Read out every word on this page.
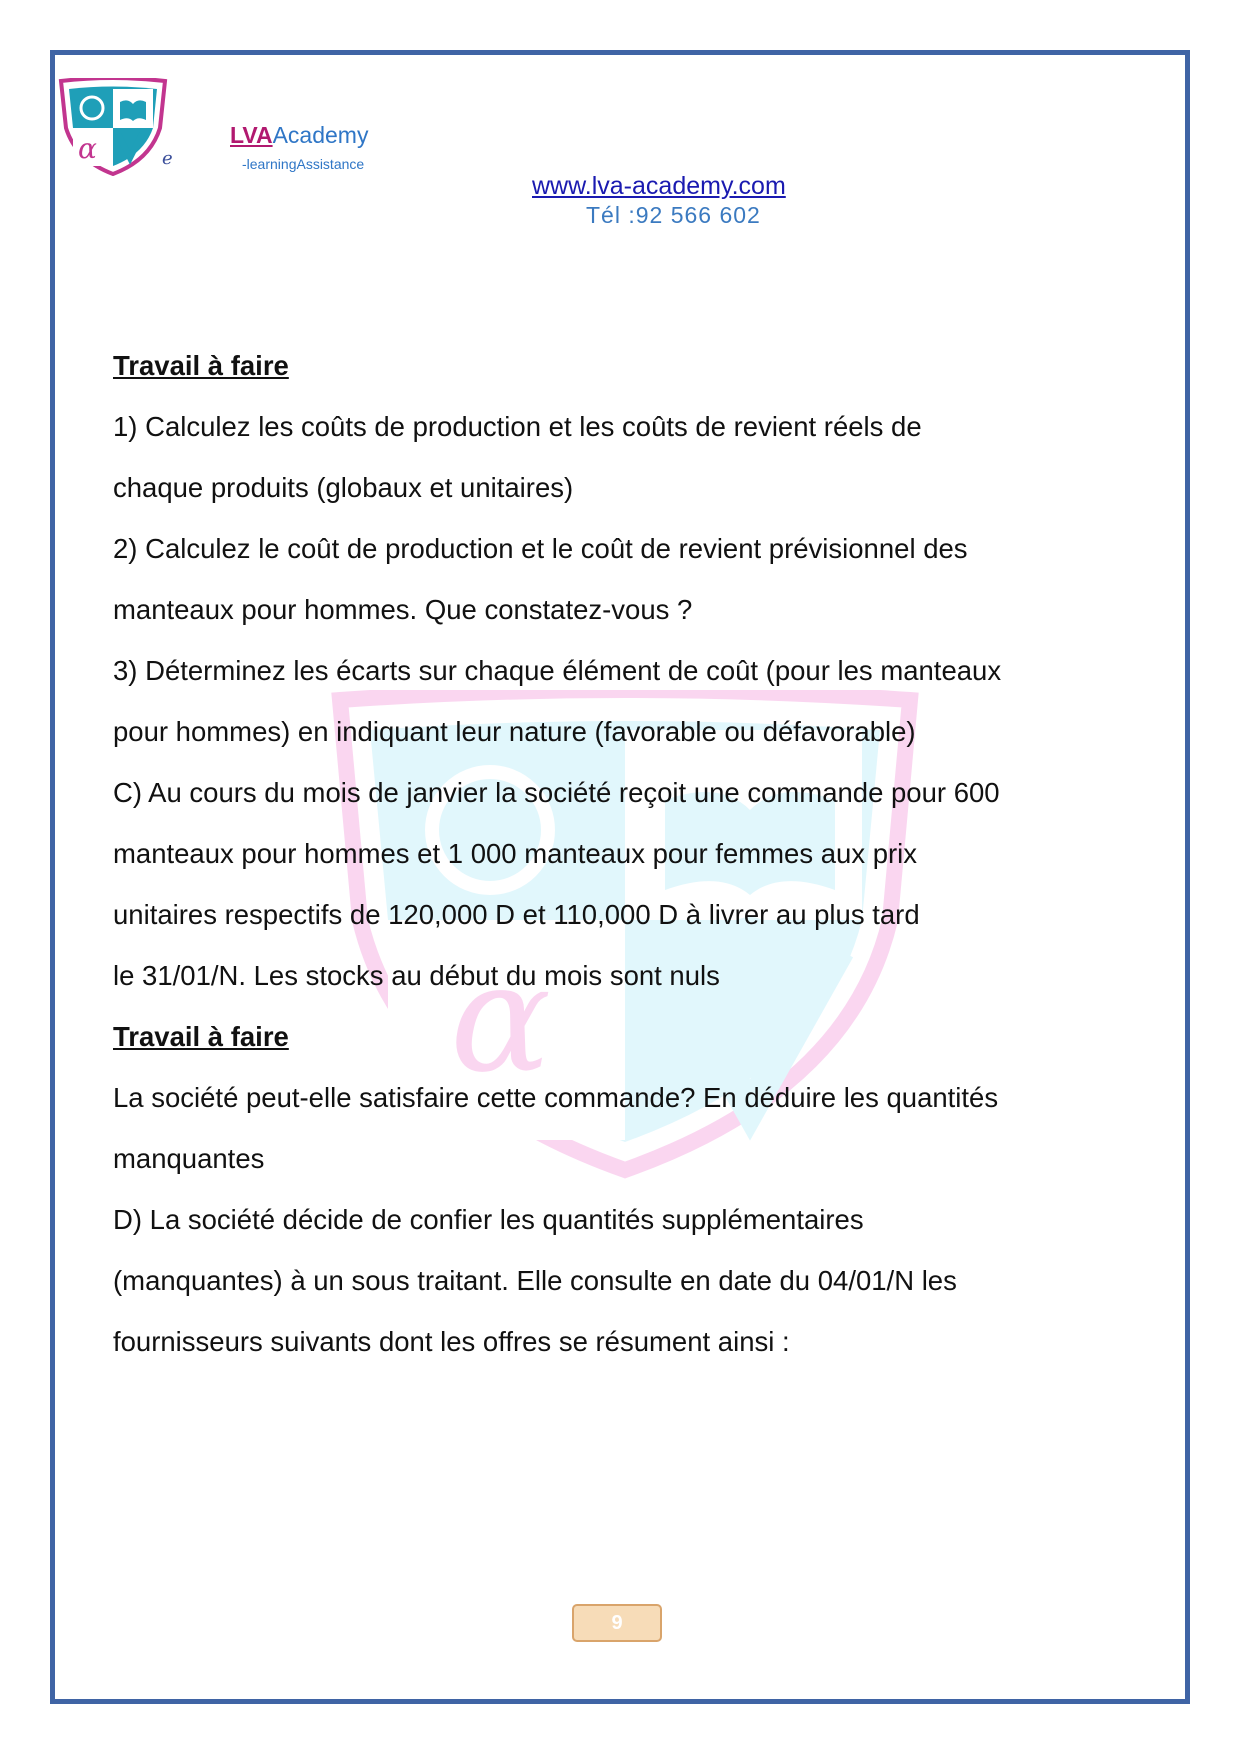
α
α	e
LVAAcademy
-learningAssistance
www.lva-academy.com
Tél :92 566 602
Travail à faire
1) Calculez les coûts de production et les coûts de revient réels de
chaque produits (globaux et unitaires)
2) Calculez le coût de production et le coût de revient prévisionnel des
manteaux pour hommes. Que constatez-vous ?
3) Déterminez les écarts sur chaque élément de coût (pour les manteaux
pour hommes) en indiquant leur nature (favorable ou défavorable)
C) Au cours du mois de janvier la société reçoit une commande pour 600
manteaux pour hommes et 1 000 manteaux pour femmes aux prix
unitaires respectifs de 120,000 D et 110,000 D à livrer au plus tard
le 31/01/N. Les stocks au début du mois sont nuls
Travail à faire
La société peut-elle satisfaire cette commande? En déduire les quantités
manquantes
D) La société décide de confier les quantités supplémentaires
(manquantes) à un sous traitant. Elle consulte en date du 04/01/N les
fournisseurs suivants dont les offres se résument ainsi :
9
